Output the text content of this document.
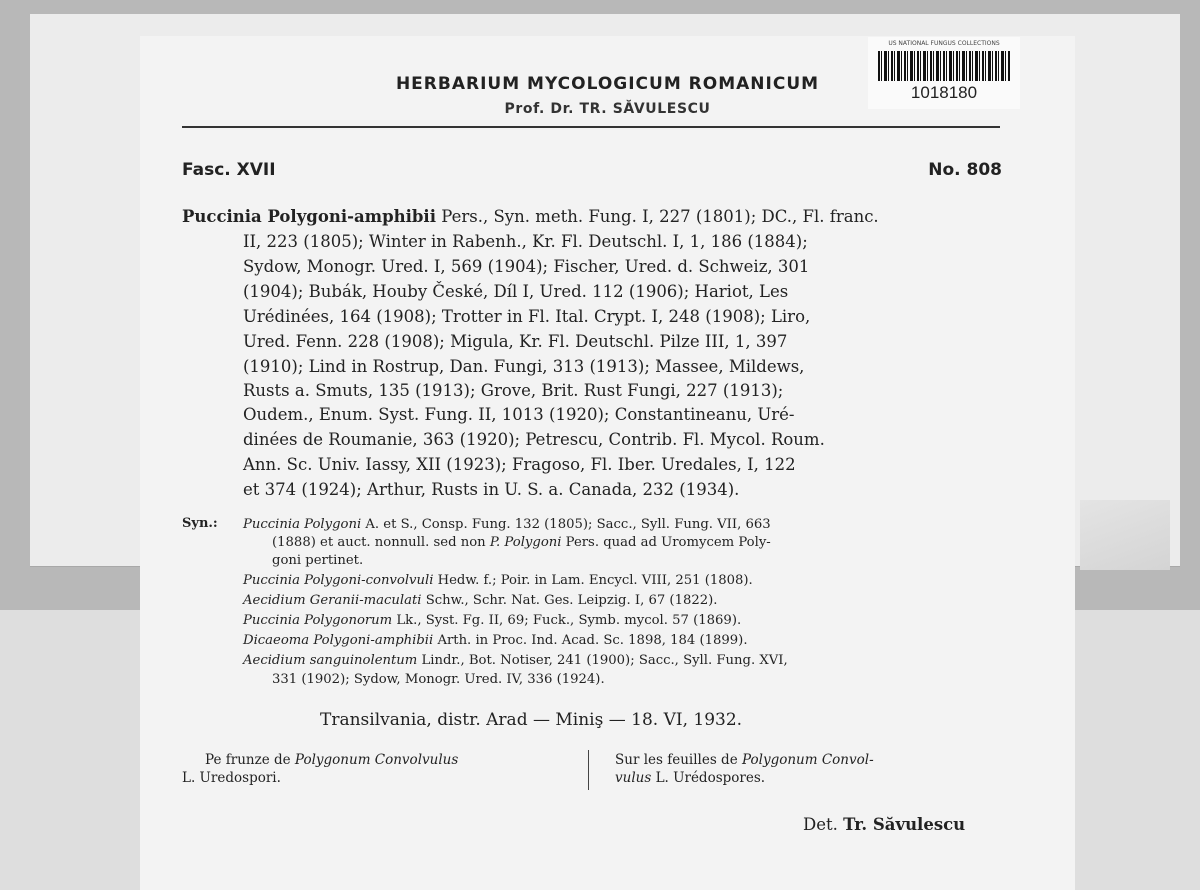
US NATIONAL FUNGUS COLLECTIONS
1018180
HERBARIUM MYCOLOGICUM ROMANICUM
Prof. Dr. TR. SĂVULESCU
Fasc. XVII	No. 808
Puccinia Polygoni-amphibii Pers., Syn. meth. Fung. I, 227 (1801); DC., Fl. franc.
II, 223 (1805); Winter in Rabenh., Kr. Fl. Deutschl. I, 1, 186 (1884);
Sydow, Monogr. Ured. I, 569 (1904); Fischer, Ured. d. Schweiz, 301
(1904); Bubák, Houby České, Díl I, Ured. 112 (1906); Hariot, Les
Urédinées, 164 (1908); Trotter in Fl. Ital. Crypt. I, 248 (1908); Liro,
Ured. Fenn. 228 (1908); Migula, Kr. Fl. Deutschl. Pilze III, 1, 397
(1910); Lind in Rostrup, Dan. Fungi, 313 (1913); Massee, Mildews,
Rusts a. Smuts, 135 (1913); Grove, Brit. Rust Fungi, 227 (1913);
Oudem., Enum. Syst. Fung. II, 1013 (1920); Constantineanu, Uré-
dinées de Roumanie, 363 (1920); Petrescu, Contrib. Fl. Mycol. Roum.
Ann. Sc. Univ. Iassy, XII (1923); Fragoso, Fl. Iber. Uredales, I, 122
et 374 (1924); Arthur, Rusts in U. S. a. Canada, 232 (1934).
Syn.: Puccinia Polygoni A. et S., Consp. Fung. 132 (1805); Sacc., Syll. Fung. VII, 663
(1888) et auct. nonnull. sed non P. Polygoni Pers. quad ad Uromycem Poly-
goni pertinet.
Puccinia Polygoni-convolvuli Hedw. f.; Poir. in Lam. Encycl. VIII, 251 (1808).
Aecidium Geranii-maculati Schw., Schr. Nat. Ges. Leipzig. I, 67 (1822).
Puccinia Polygonorum Lk., Syst. Fg. II, 69; Fuck., Symb. mycol. 57 (1869).
Dicaeoma Polygoni-amphibii Arth. in Proc. Ind. Acad. Sc. 1898, 184 (1899).
Aecidium sanguinolentum Lindr., Bot. Notiser, 241 (1900); Sacc., Syll. Fung. XVI,
331 (1902); Sydow, Monogr. Ured. IV, 336 (1924).
Transilvania, distr. Arad — Miniş — 18. VI, 1932.
Pe frunze de Polygonum Convolvulus
L. Uredospori.
Sur les feuilles de Polygonum Convol-
vulus L. Urédospores.
Det. Tr. Săvulescu
